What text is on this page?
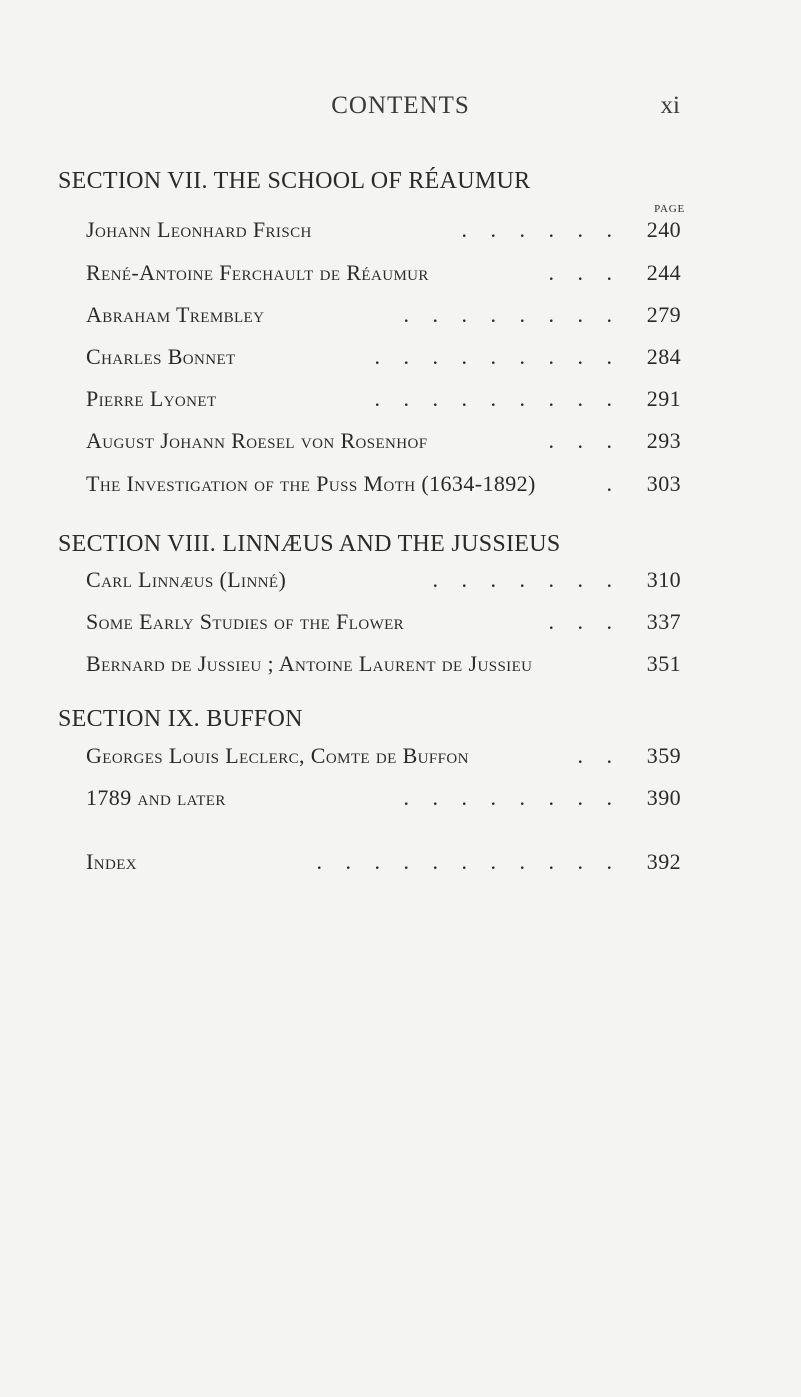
CONTENTS	xi
SECTION VII. THE SCHOOL OF RÉAUMUR
PAGE
Johann Leonhard Frisch	. . . . . . 240
René-Antoine Ferchault de Réaumur	. . . 244
Abraham Trembley	. . . . . . . . 279
Charles Bonnet	. . . . . . . . . 284
Pierre Lyonet	. . . . . . . . . 291
August Johann Roesel von Rosenhof	. . . 293
The Investigation of the Puss Moth (1634-1892)	. 303
SECTION VIII. LINNÆUS AND THE JUSSIEUS
Carl Linnæus (Linné)	. . . . . . . 310
Some Early Studies of the Flower	. . . 337
Bernard de Jussieu ; Antoine Laurent de Jussieu	351
SECTION IX. BUFFON
Georges Louis Leclerc, Comte de Buffon	. . 359
1789 and later	. . . . . . . . 390
Index	. . . . . . . . . . . 392
